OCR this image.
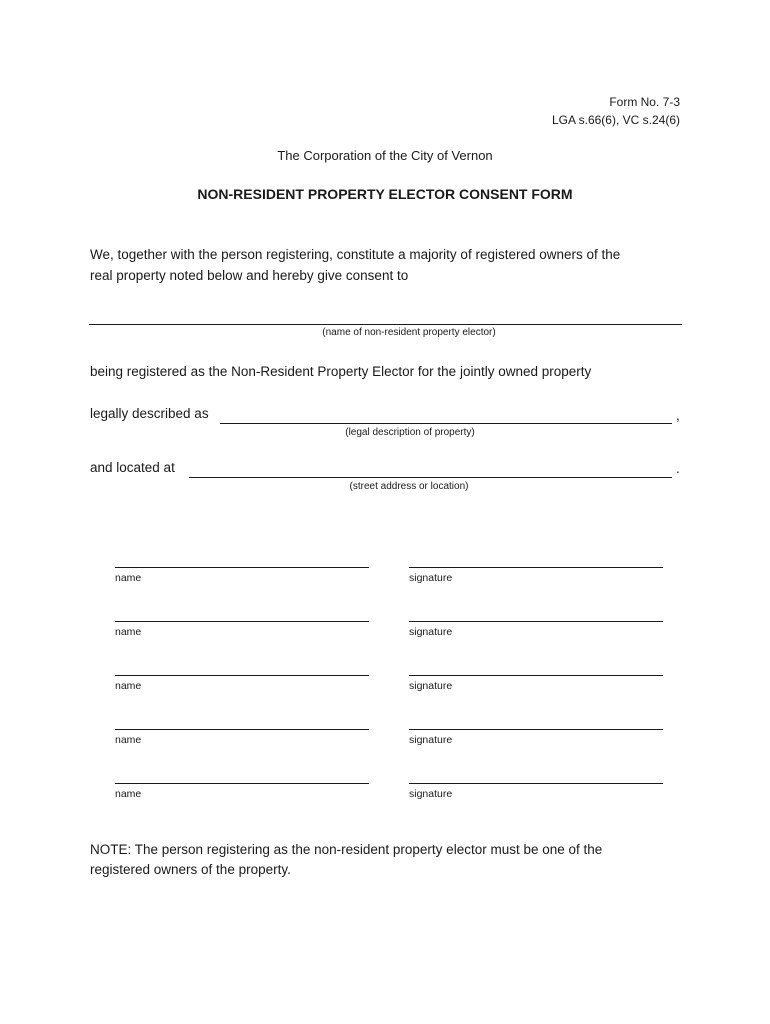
Form No. 7-3
LGA s.66(6), VC s.24(6)
The Corporation of the City of Vernon
NON-RESIDENT PROPERTY ELECTOR CONSENT FORM
We, together with the person registering, constitute a majority of registered owners of the
real property noted below and hereby give consent to
(name of non-resident property elector)
being registered as the Non-Resident Property Elector for the jointly owned property
legally described as	,
(legal description of property)
and located at	.
(street address or location)
name	signature
name	signature
name	signature
name	signature
name	signature
NOTE: The person registering as the non-resident property elector must be one of the
registered owners of the property.
